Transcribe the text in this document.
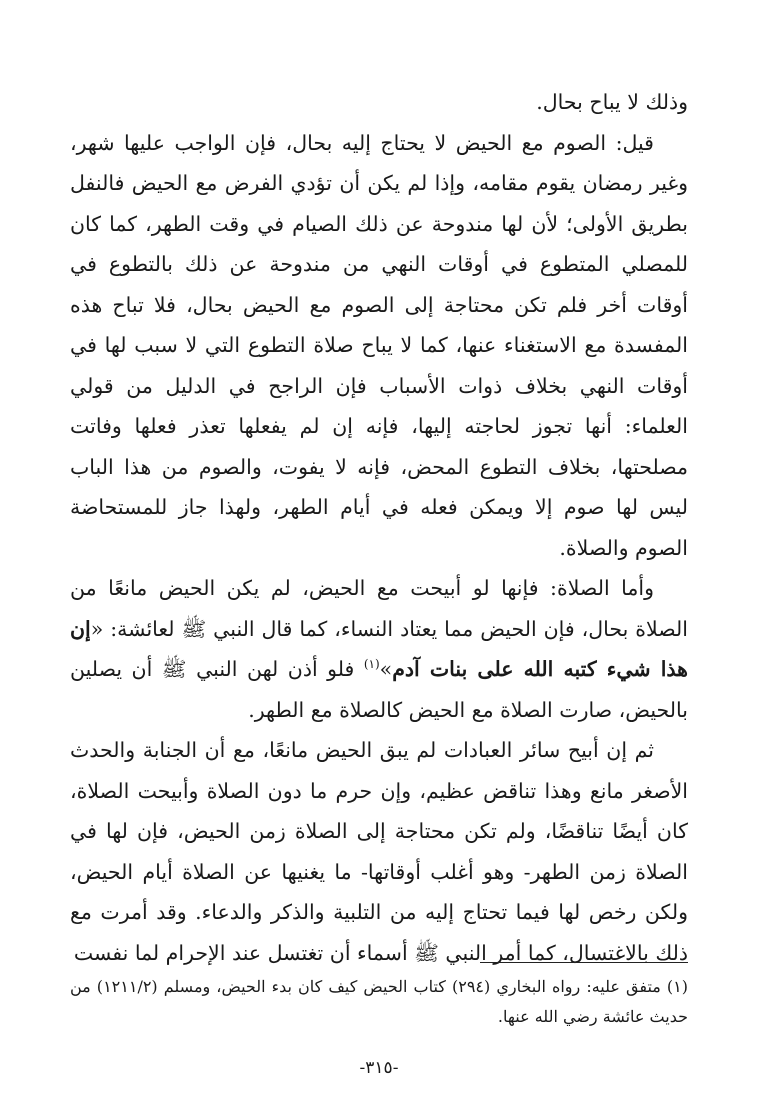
وذلك لا يباح بحال.

قيل: الصوم مع الحيض لا يحتاج إليه بحال، فإن الواجب عليها شهر، وغير رمضان يقوم مقامه، وإذا لم يكن أن تؤدي الفرض مع الحيض فالنفل بطريق الأولى؛ لأن لها مندوحة عن ذلك الصيام في وقت الطهر، كما كان للمصلي المتطوع في أوقات النهي من مندوحة عن ذلك بالتطوع في أوقات أخر فلم تكن محتاجة إلى الصوم مع الحيض بحال، فلا تباح هذه المفسدة مع الاستغناء عنها، كما لا يباح صلاة التطوع التي لا سبب لها في أوقات النهي بخلاف ذوات الأسباب فإن الراجح في الدليل من قولي العلماء: أنها تجوز لحاجته إليها، فإنه إن لم يفعلها تعذر فعلها وفاتت مصلحتها، بخلاف التطوع المحض، فإنه لا يفوت، والصوم من هذا الباب ليس لها صوم إلا ويمكن فعله في أيام الطهر، ولهذا جاز للمستحاضة الصوم والصلاة.

وأما الصلاة: فإنها لو أبيحت مع الحيض، لم يكن الحيض مانعًا من الصلاة بحال، فإن الحيض مما يعتاد النساء، كما قال النبي ﷺ لعائشة: «إن هذا شيء كتبه الله على بنات آدم»$^{(١)}$ فلو أذن لهن النبي ﷺ أن يصلين بالحيض، صارت الصلاة مع الحيض كالصلاة مع الطهر.

ثم إن أبيح سائر العبادات لم يبق الحيض مانعًا، مع أن الجنابة والحدث الأصغر مانع وهذا تناقض عظيم، وإن حرم ما دون الصلاة وأبيحت الصلاة، كان أيضًا تناقضًا، ولم تكن محتاجة إلى الصلاة زمن الحيض، فإن لها في الصلاة زمن الطهر- وهو أغلب أوقاتها- ما يغنيها عن الصلاة أيام الحيض، ولكن رخص لها فيما تحتاج إليه من التلبية والذكر والدعاء. وقد أمرت مع ذلك بالاغتسال، كما أمر النبي ﷺ أسماء أن تغتسل عند الإحرام لما نفست

(١) متفق عليه: رواه البخاري (٢٩٤) كتاب الحيض كيف كان بدء الحيض، ومسلم (١٢١١/٢) من حديث عائشة رضي الله عنها.

-٣١٥-
